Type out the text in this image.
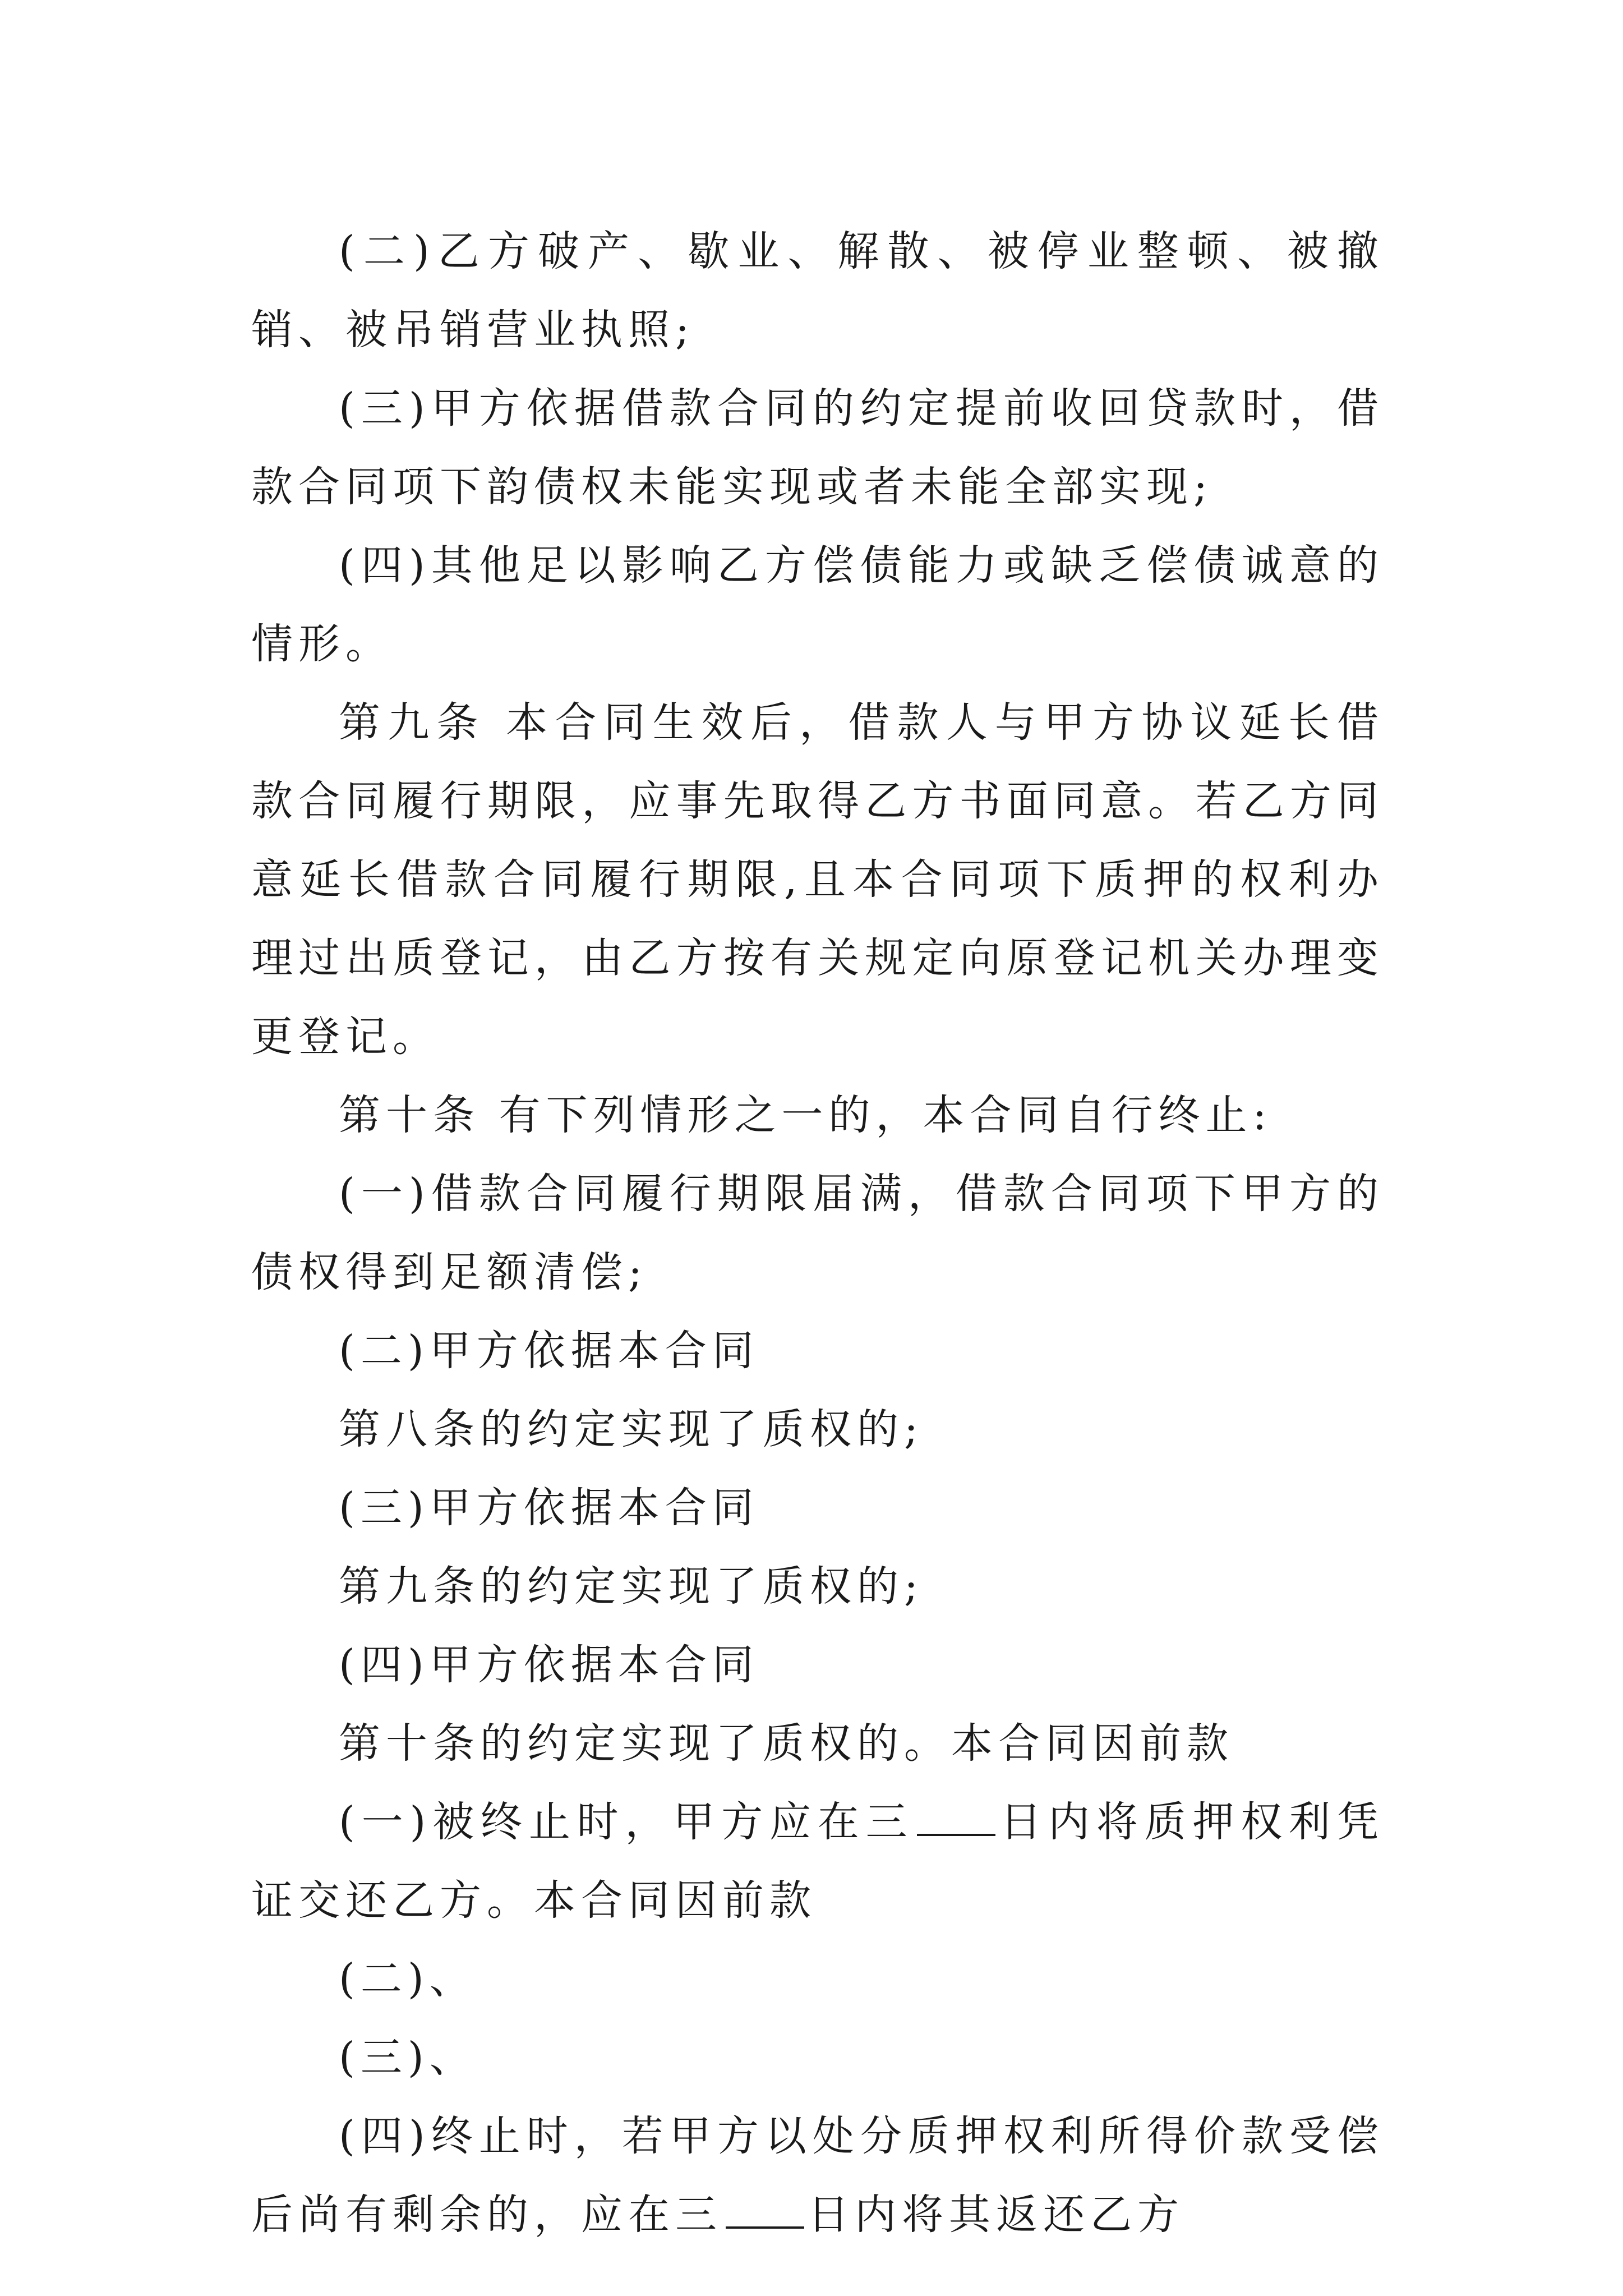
(二)乙方破产、歇业、解散、被停业整顿、被撤销、被吊销营业执照;

(三)甲方依据借款合同的约定提前收回贷款时，借款合同项下韵债权未能实现或者未能全部实现;

(四)其他足以影响乙方偿债能力或缺乏偿债诚意的情形。

第九条 本合同生效后，借款人与甲方协议延长借款合同履行期限，应事先取得乙方书面同意。若乙方同意延长借款合同履行期限,且本合同项下质押的权利办理过出质登记，由乙方按有关规定向原登记机关办理变更登记。

第十条 有下列情形之一的，本合同自行终止:

(一)借款合同履行期限届满，借款合同项下甲方的债权得到足额清偿;

(二)甲方依据本合同

第八条的约定实现了质权的;

(三)甲方依据本合同

第九条的约定实现了质权的;

(四)甲方依据本合同

第十条的约定实现了质权的。本合同因前款

(一)被终止时，甲方应在三 日内将质押权利凭证交还乙方。本合同因前款

(二)、

(三)、

(四)终止时，若甲方以处分质押权利所得价款受偿后尚有剩余的，应在三 日内将其返还乙方
